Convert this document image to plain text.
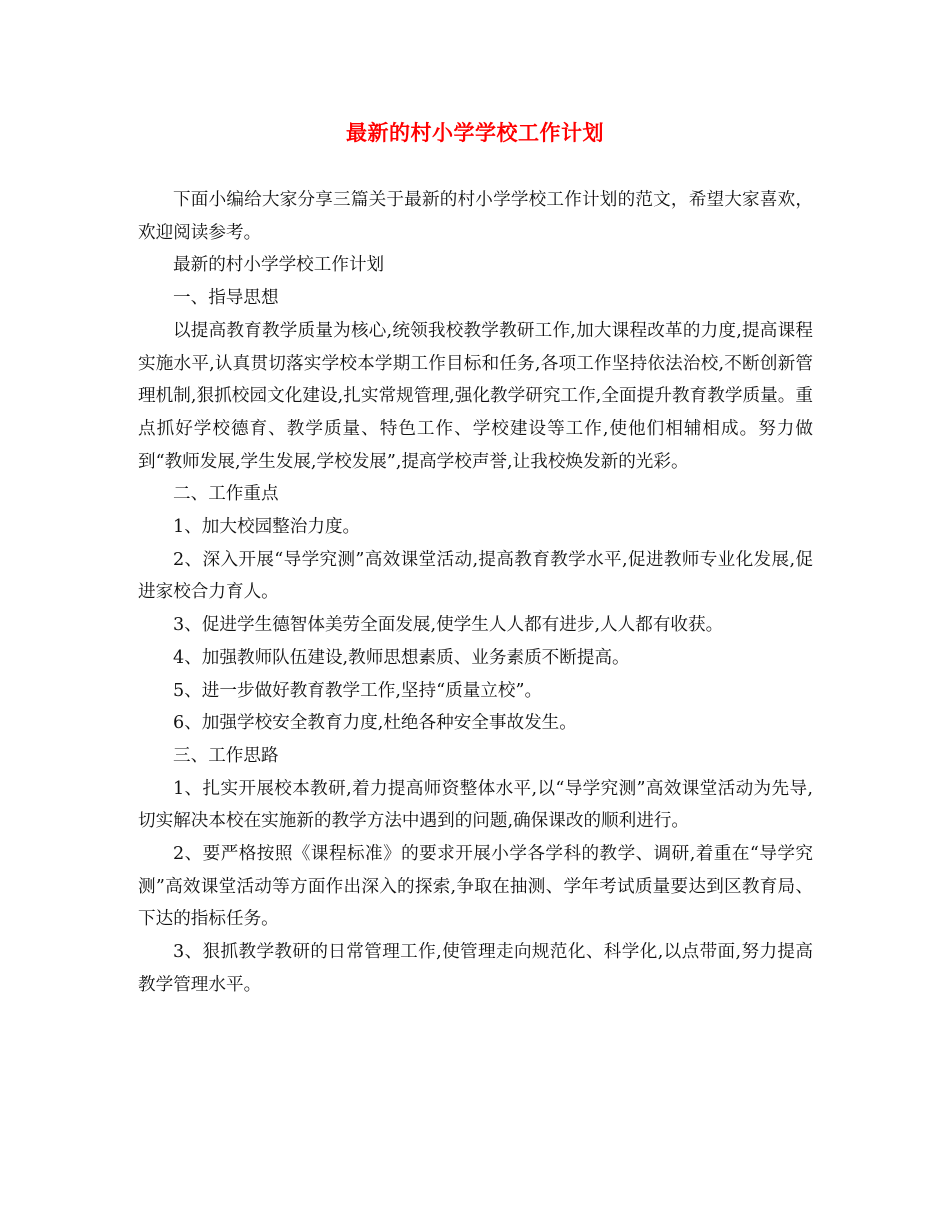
最新的村小学学校工作计划

下面小编给大家分享三篇关于最新的村小学学校工作计划的范文，希望大家喜欢，欢迎阅读参考。

最新的村小学学校工作计划

一、指导思想

以提高教育教学质量为核心,统领我校教学教研工作,加大课程改革的力度,提高课程实施水平,认真贯切落实学校本学期工作目标和任务,各项工作坚持依法治校,不断创新管理机制,狠抓校园文化建设,扎实常规管理,强化教学研究工作,全面提升教育教学质量。重点抓好学校德育、教学质量、特色工作、学校建设等工作,使他们相辅相成。努力做到“教师发展,学生发展,学校发展”,提高学校声誉,让我校焕发新的光彩。

二、工作重点

1、加大校园整治力度。

2、深入开展“导学究测”高效课堂活动,提高教育教学水平,促进教师专业化发展,促进家校合力育人。

3、促进学生德智体美劳全面发展,使学生人人都有进步,人人都有收获。

4、加强教师队伍建设,教师思想素质、业务素质不断提高。

5、进一步做好教育教学工作,坚持“质量立校”。

6、加强学校安全教育力度,杜绝各种安全事故发生。

三、工作思路

1、扎实开展校本教研,着力提高师资整体水平,以“导学究测”高效课堂活动为先导,切实解决本校在实施新的教学方法中遇到的问题,确保课改的顺利进行。

2、要严格按照《课程标准》的要求开展小学各学科的教学、调研,着重在“导学究测”高效课堂活动等方面作出深入的探索,争取在抽测、学年考试质量要达到区教育局、下达的指标任务。

3、狠抓教学教研的日常管理工作,使管理走向规范化、科学化,以点带面,努力提高教学管理水平。
